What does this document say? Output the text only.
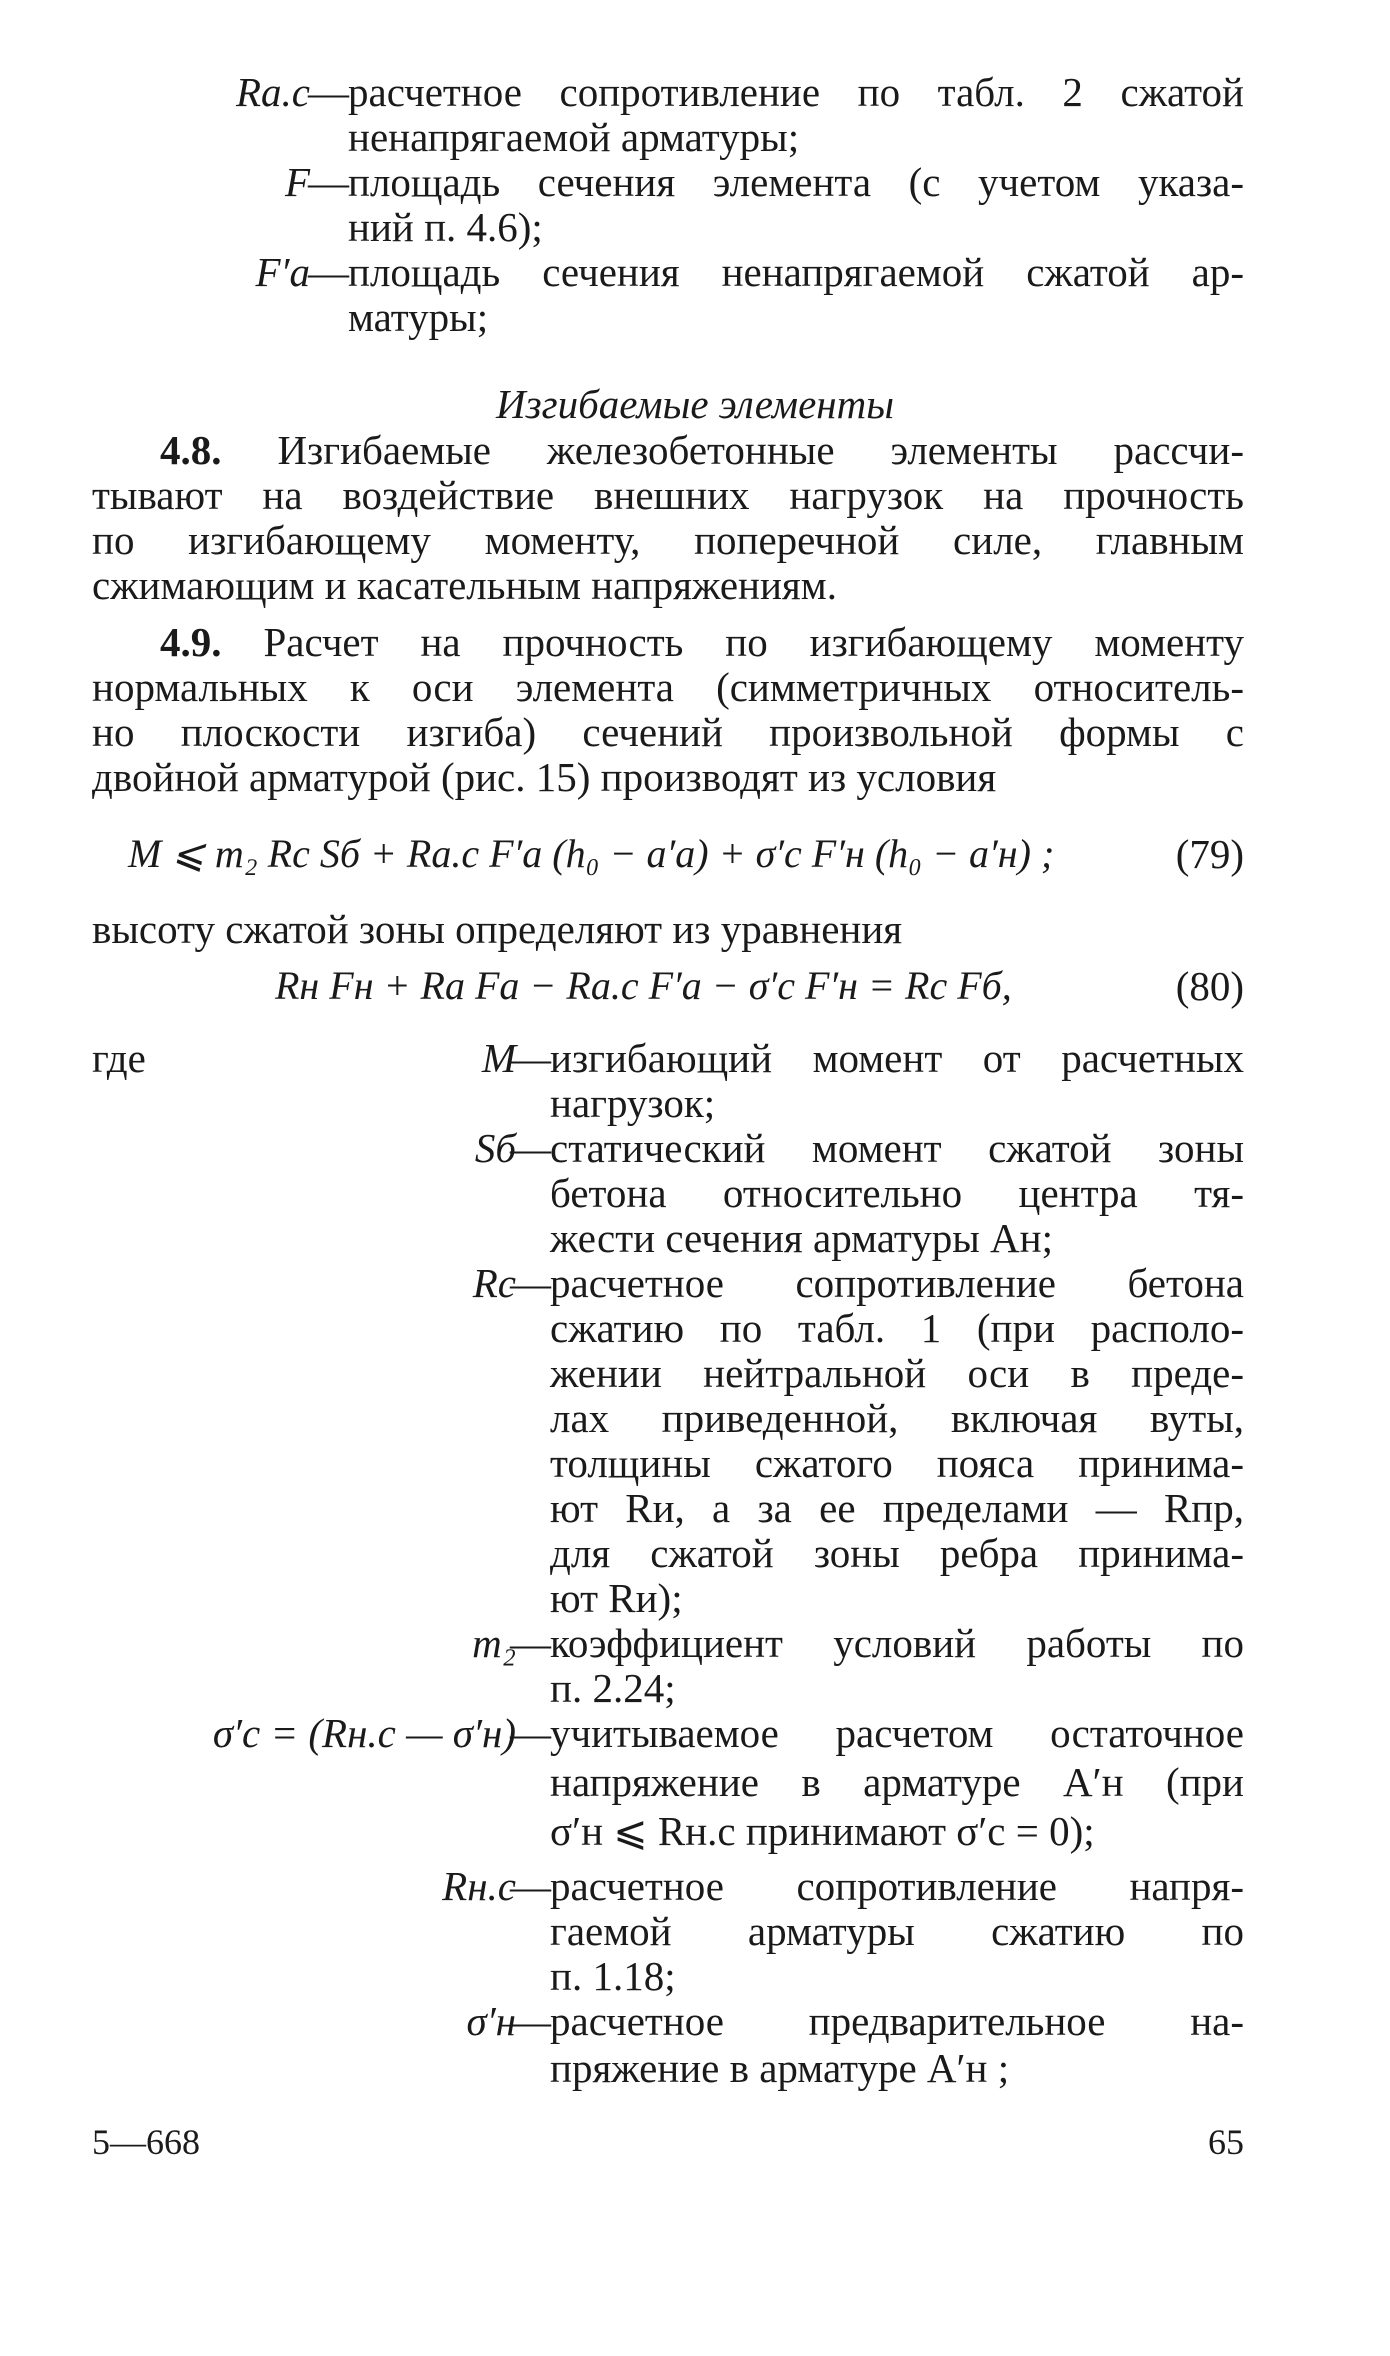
Rа.с
— расчетное сопротивление по табл. 2 сжатой
ненапрягаемой арматуры;
F
— площадь сечения элемента (с учетом указа-
ний п. 4.6);
F′а
— площадь сечения ненапрягаемой сжатой ар-
матуры;
Изгибаемые элементы
4.8. Изгибаемые железобетонные элементы рассчи-
тывают на воздействие внешних нагрузок на прочность
по изгибающему моменту, поперечной силе, главным
сжимающим и касательным напряжениям.
4.9. Расчет на прочность по изгибающему моменту
нормальных к оси элемента (симметричных относитель-
но плоскости изгиба) сечений произвольной формы с
двойной арматурой (рис. 15) производят из условия
M ⩽ m₂ Rс Sб + Rа.с F′а (h₀ − a′а) + σ′с F′н (h₀ − a′н) ;	(79)
высоту сжатой зоны определяют из уравнения
Rн Fн + Rа Fа − Rа.с F′а − σ′с F′н = Rс Fб,	(80)
где	M
— изгибающий момент от расчетных
нагрузок;
Sб
— статический момент сжатой зоны
бетона относительно центра тя-
жести сечения арматуры Aн;
Rс
— расчетное сопротивление бетона
сжатию по табл. 1 (при располо-
жении нейтральной оси в преде-
лах приведенной, включая вуты,
толщины сжатого пояса принима-
ют Rи, а за ее пределами — Rпр,
для сжатой зоны ребра принима-
ют Rи);
m₂
— коэффициент условий работы по
п. 2.24;
σ′с = (Rн.с — σ′н)
— учитываемое расчетом остаточное
напряжение в арматуре A′н (при
σ′н ⩽ Rн.с принимают σ′с = 0);
Rн.с
— расчетное сопротивление напря-
гаемой арматуры сжатию по
п. 1.18;
σ′н
— расчетное предварительное на-
пряжение в арматуре A′н ;
5—668	65
